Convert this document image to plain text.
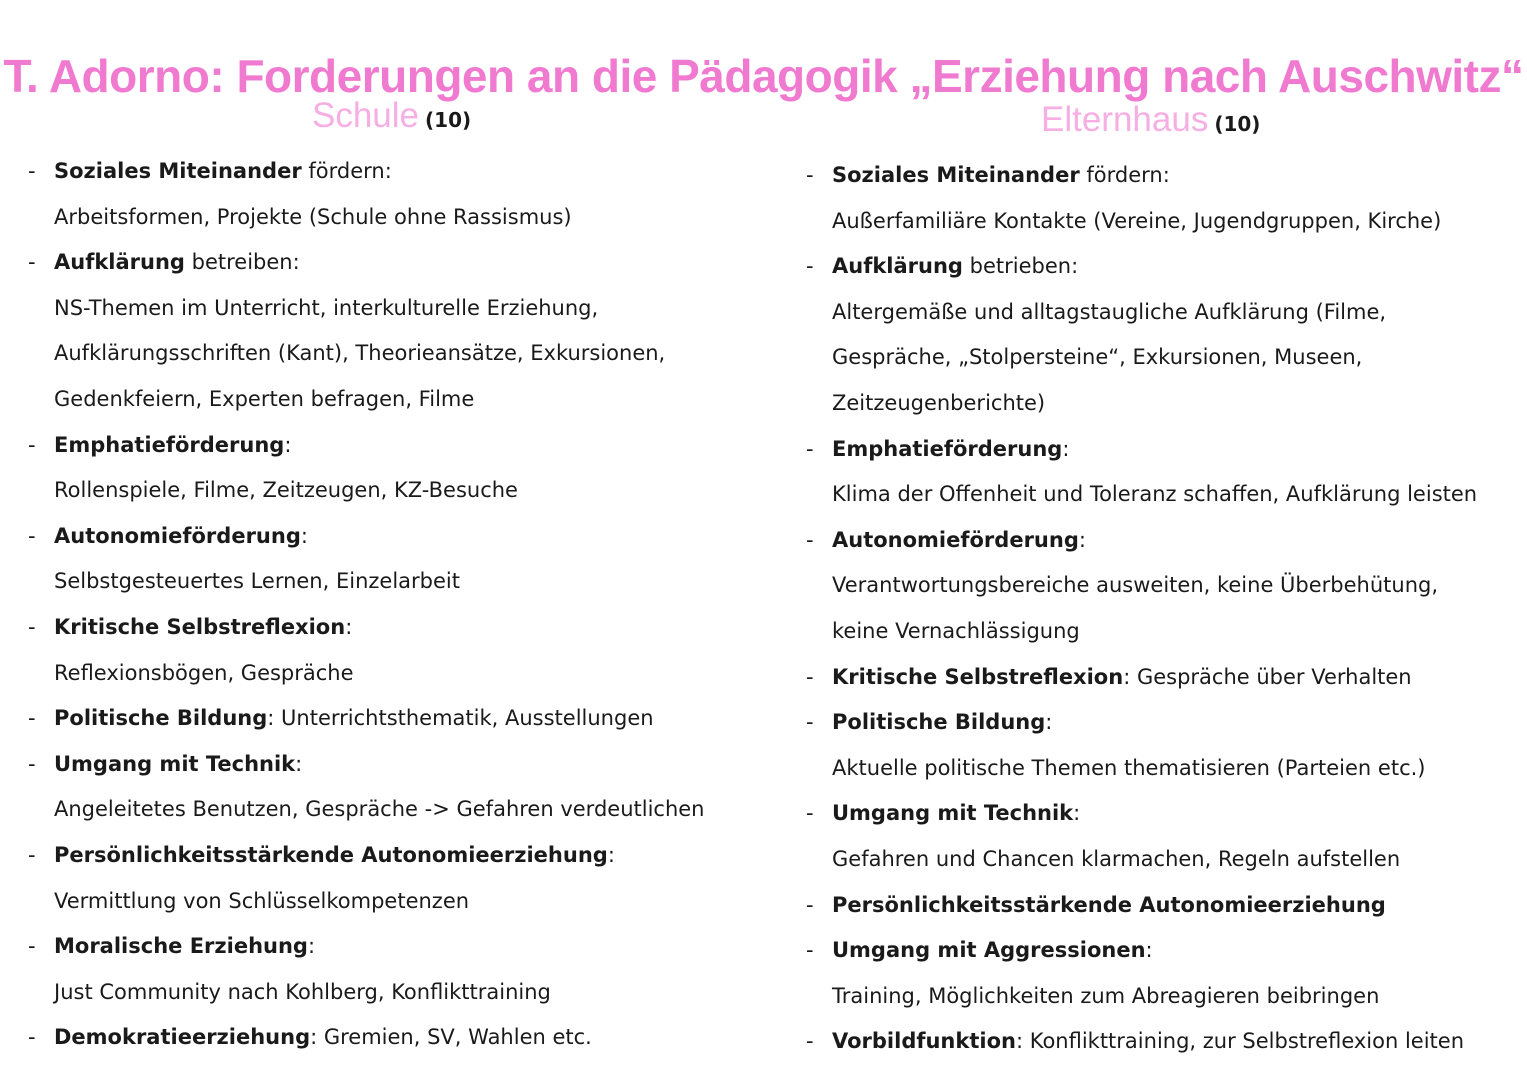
T. Adorno: Forderungen an die Pädagogik „Erziehung nach Auschwitz“
Schule (10)
- Soziales Miteinander fördern:
Arbeitsformen, Projekte (Schule ohne Rassismus)
- Aufklärung betreiben:
NS-Themen im Unterricht, interkulturelle Erziehung,
Aufklärungsschriften (Kant), Theorieansätze, Exkursionen,
Gedenkfeiern, Experten befragen, Filme
- Emphatieförderung:
Rollenspiele, Filme, Zeitzeugen, KZ-Besuche
- Autonomieförderung:
Selbstgesteuertes Lernen, Einzelarbeit
- Kritische Selbstreflexion:
Reflexionsbögen, Gespräche
- Politische Bildung: Unterrichtsthematik, Ausstellungen
- Umgang mit Technik:
Angeleitetes Benutzen, Gespräche -> Gefahren verdeutlichen
- Persönlichkeitsstärkende Autonomieerziehung:
Vermittlung von Schlüsselkompetenzen
- Moralische Erziehung:
Just Community nach Kohlberg, Konflikttraining
- Demokratieerziehung: Gremien, SV, Wahlen etc.
Elternhaus (10)
- Soziales Miteinander fördern:
Außerfamiliäre Kontakte (Vereine, Jugendgruppen, Kirche)
- Aufklärung betrieben:
Altergemäße und alltagstaugliche Aufklärung (Filme,
Gespräche, „Stolpersteine“, Exkursionen, Museen,
Zeitzeugenberichte)
- Emphatieförderung:
Klima der Offenheit und Toleranz schaffen, Aufklärung leisten
- Autonomieförderung:
Verantwortungsbereiche ausweiten, keine Überbehütung,
keine Vernachlässigung
- Kritische Selbstreflexion: Gespräche über Verhalten
- Politische Bildung:
Aktuelle politische Themen thematisieren (Parteien etc.)
- Umgang mit Technik:
Gefahren und Chancen klarmachen, Regeln aufstellen
- Persönlichkeitsstärkende Autonomieerziehung
- Umgang mit Aggressionen:
Training, Möglichkeiten zum Abreagieren beibringen
- Vorbildfunktion: Konflikttraining, zur Selbstreflexion leiten
